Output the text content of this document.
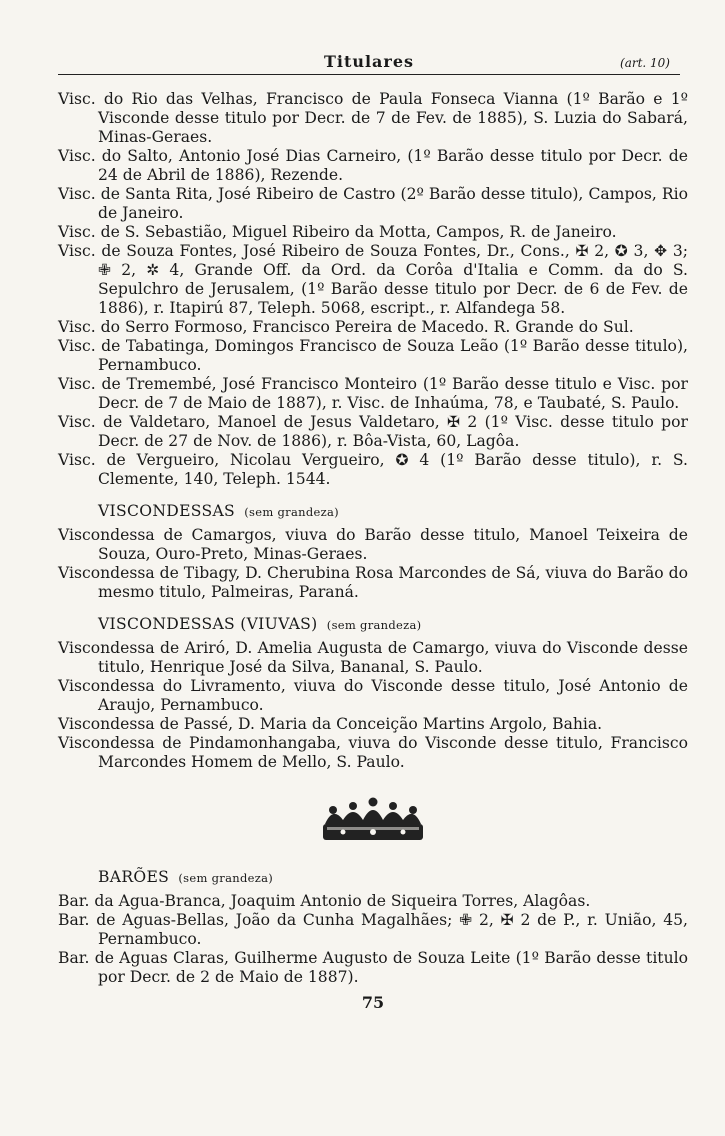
Titulares	(art. 10)

Visc. do Rio das Velhas, Francisco de Paula Fonseca Vianna (1º Barão e 1º Visconde desse titulo por Decr. de 7 de Fev. de 1885), S. Luzia do Sabará, Minas-Geraes.

Visc. do Salto, Antonio José Dias Carneiro, (1º Barão desse titulo por Decr. de 24 de Abril de 1886), Rezende.

Visc. de Santa Rita, José Ribeiro de Castro (2º Barão desse titulo), Campos, Rio de Janeiro.

Visc. de S. Sebastião, Miguel Ribeiro da Motta, Campos, R. de Janeiro.

Visc. de Souza Fontes, José Ribeiro de Souza Fontes, Dr., Cons., ✠ 2, ✪ 3, ✥ 3; ✙ 2, ✲ 4, Grande Off. da Ord. da Corôa d'Italia e Comm. da do S. Sepulchro de Jerusalem, (1º Barão desse titulo por Decr. de 6 de Fev. de 1886), r. Itapirú 87, Teleph. 5068, escript., r. Alfandega 58.

Visc. do Serro Formoso, Francisco Pereira de Macedo. R. Grande do Sul.

Visc. de Tabatinga, Domingos Francisco de Souza Leão (1º Barão desse titulo), Pernambuco.

Visc. de Tremembé, José Francisco Monteiro (1º Barão desse titulo e Visc. por Decr. de 7 de Maio de 1887), r. Visc. de Inhaúma, 78, e Taubaté, S. Paulo.

Visc. de Valdetaro, Manoel de Jesus Valdetaro, ✠ 2 (1º Visc. desse titulo por Decr. de 27 de Nov. de 1886), r. Bôa-Vista, 60, Lagôa.

Visc. de Vergueiro, Nicolau Vergueiro, ✪ 4 (1º Barão desse titulo), r. S. Clemente, 140, Teleph. 1544.

VISCONDESSAS (sem grandeza)

Viscondessa de Camargos, viuva do Barão desse titulo, Manoel Teixeira de Souza, Ouro-Preto, Minas-Geraes.

Viscondessa de Tibagy, D. Cherubina Rosa Marcondes de Sá, viuva do Barão do mesmo titulo, Palmeiras, Paraná.

VISCONDESSAS (VIUVAS) (sem grandeza)

Viscondessa de Ariró, D. Amelia Augusta de Camargo, viuva do Visconde desse titulo, Henrique José da Silva, Bananal, S. Paulo.

Viscondessa do Livramento, viuva do Visconde desse titulo, José Antonio de Araujo, Pernambuco.

Viscondessa de Passé, D. Maria da Conceição Martins Argolo, Bahia.

Viscondessa de Pindamonhangaba, viuva do Visconde desse titulo, Francisco Marcondes Homem de Mello, S. Paulo.

BARÕES (sem grandeza)

Bar. da Agua-Branca, Joaquim Antonio de Siqueira Torres, Alagôas.

Bar. de Aguas-Bellas, João da Cunha Magalhães; ✙ 2, ✠ 2 de P., r. União, 45, Pernambuco.

Bar. de Aguas Claras, Guilherme Augusto de Souza Leite (1º Barão desse titulo por Decr. de 2 de Maio de 1887).

75
